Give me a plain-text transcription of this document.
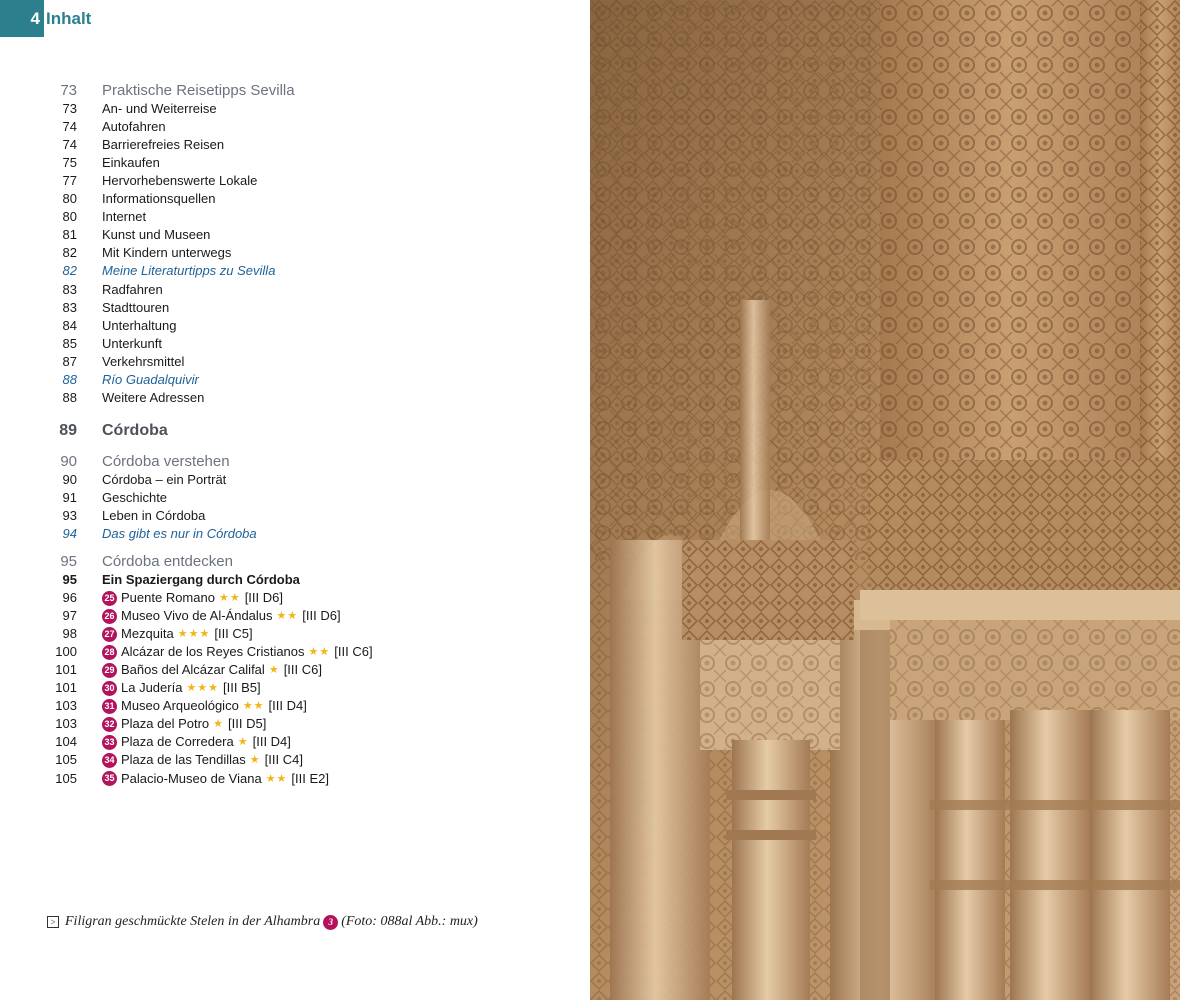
4 Inhalt
73 Praktische Reisetipps Sevilla
73 An- und Weiterreise
74 Autofahren
74 Barrierefreies Reisen
75 Einkaufen
77 Hervorhebenswerte Lokale
80 Informationsquellen
80 Internet
81 Kunst und Museen
82 Mit Kindern unterwegs
82 Meine Literaturtipps zu Sevilla
83 Radfahren
83 Stadttouren
84 Unterhaltung
85 Unterkunft
87 Verkehrsmittel
88 Río Guadalquivir
88 Weitere Adressen
89 Córdoba
90 Córdoba verstehen
90 Córdoba – ein Porträt
91 Geschichte
93 Leben in Córdoba
94 Das gibt es nur in Córdoba
95 Córdoba entdecken
95 Ein Spaziergang durch Córdoba
96	25 Puente Romano ★★ [III D6]
97	26 Museo Vivo de Al-Ándalus ★★ [III D6]
98	27 Mezquita ★★★ [III C5]
100	28 Alcázar de los Reyes Cristianos ★★ [III C6]
101	29 Baños del Alcázar Califal ★ [III C6]
101	30 La Judería ★★★ [III B5]
103	31 Museo Arqueológico ★★ [III D4]
103	32 Plaza del Potro ★ [III D5]
104	33 Plaza de Corredera ★ [III D4]
105	34 Plaza de las Tendillas ★ [III C4]
105	35 Palacio-Museo de Viana ★★ [III E2]
> Filigran geschmückte Stelen in der Alhambra 3 (Foto: 088al Abb.: mux)
